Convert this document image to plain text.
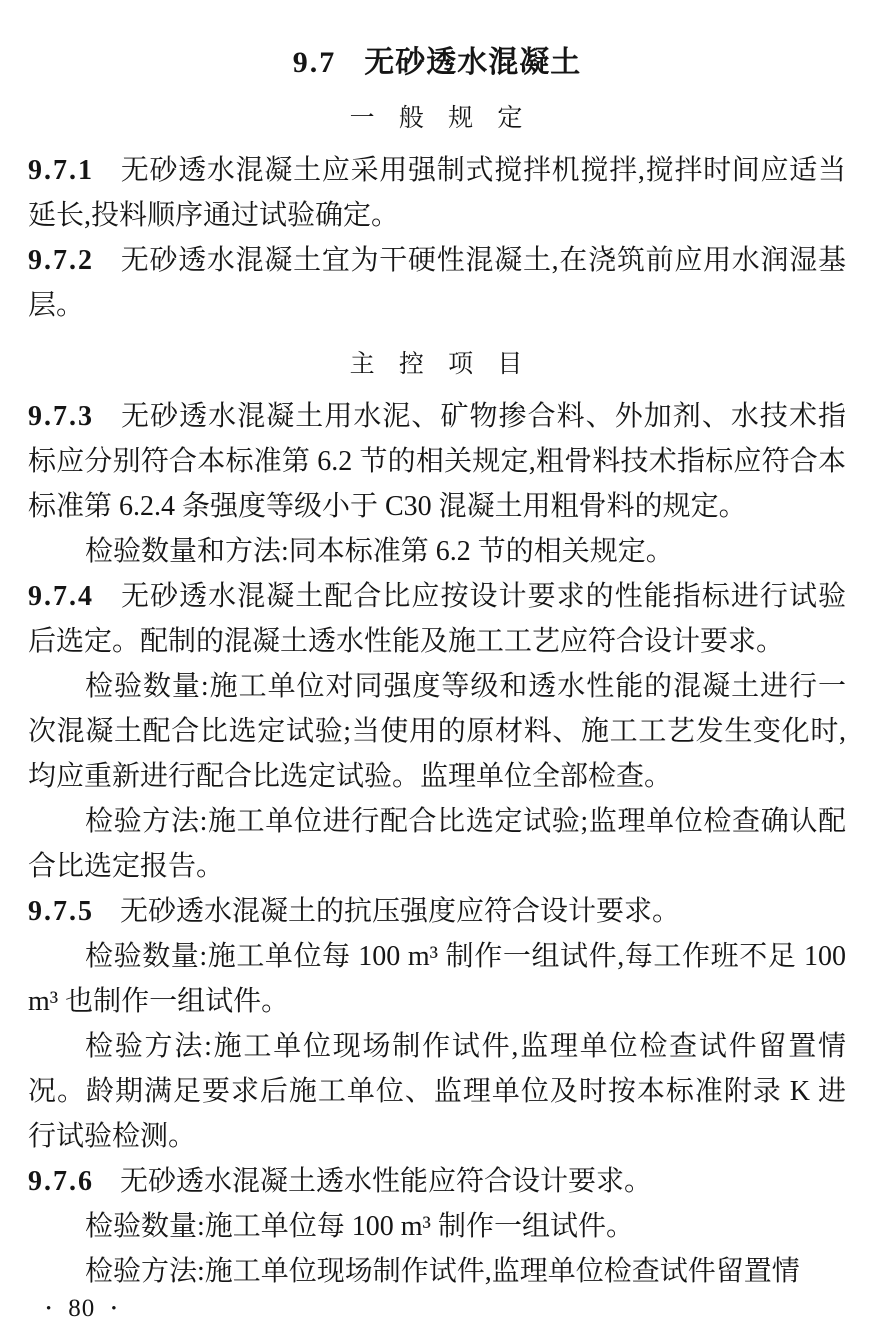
9.7 无砂透水混凝土
一 般 规 定

9.7.1 无砂透水混凝土应采用强制式搅拌机搅拌,搅拌时间应适当延长,投料顺序通过试验确定。

9.7.2 无砂透水混凝土宜为干硬性混凝土,在浇筑前应用水润湿基层。

主 控 项 目

9.7.3 无砂透水混凝土用水泥、矿物掺合料、外加剂、水技术指标应分别符合本标准第 6.2 节的相关规定,粗骨料技术指标应符合本标准第 6.2.4 条强度等级小于 C30 混凝土用粗骨料的规定。

检验数量和方法:同本标准第 6.2 节的相关规定。

9.7.4 无砂透水混凝土配合比应按设计要求的性能指标进行试验后选定。配制的混凝土透水性能及施工工艺应符合设计要求。

检验数量:施工单位对同强度等级和透水性能的混凝土进行一次混凝土配合比选定试验;当使用的原材料、施工工艺发生变化时,均应重新进行配合比选定试验。监理单位全部检查。

检验方法:施工单位进行配合比选定试验;监理单位检查确认配合比选定报告。

9.7.5 无砂透水混凝土的抗压强度应符合设计要求。

检验数量:施工单位每 100 m³ 制作一组试件,每工作班不足 100 m³ 也制作一组试件。

检验方法:施工单位现场制作试件,监理单位检查试件留置情况。龄期满足要求后施工单位、监理单位及时按本标准附录 K 进行试验检测。

9.7.6 无砂透水混凝土透水性能应符合设计要求。

检验数量:施工单位每 100 m³ 制作一组试件。

检验方法:施工单位现场制作试件,监理单位检查试件留置情

• 80 •
